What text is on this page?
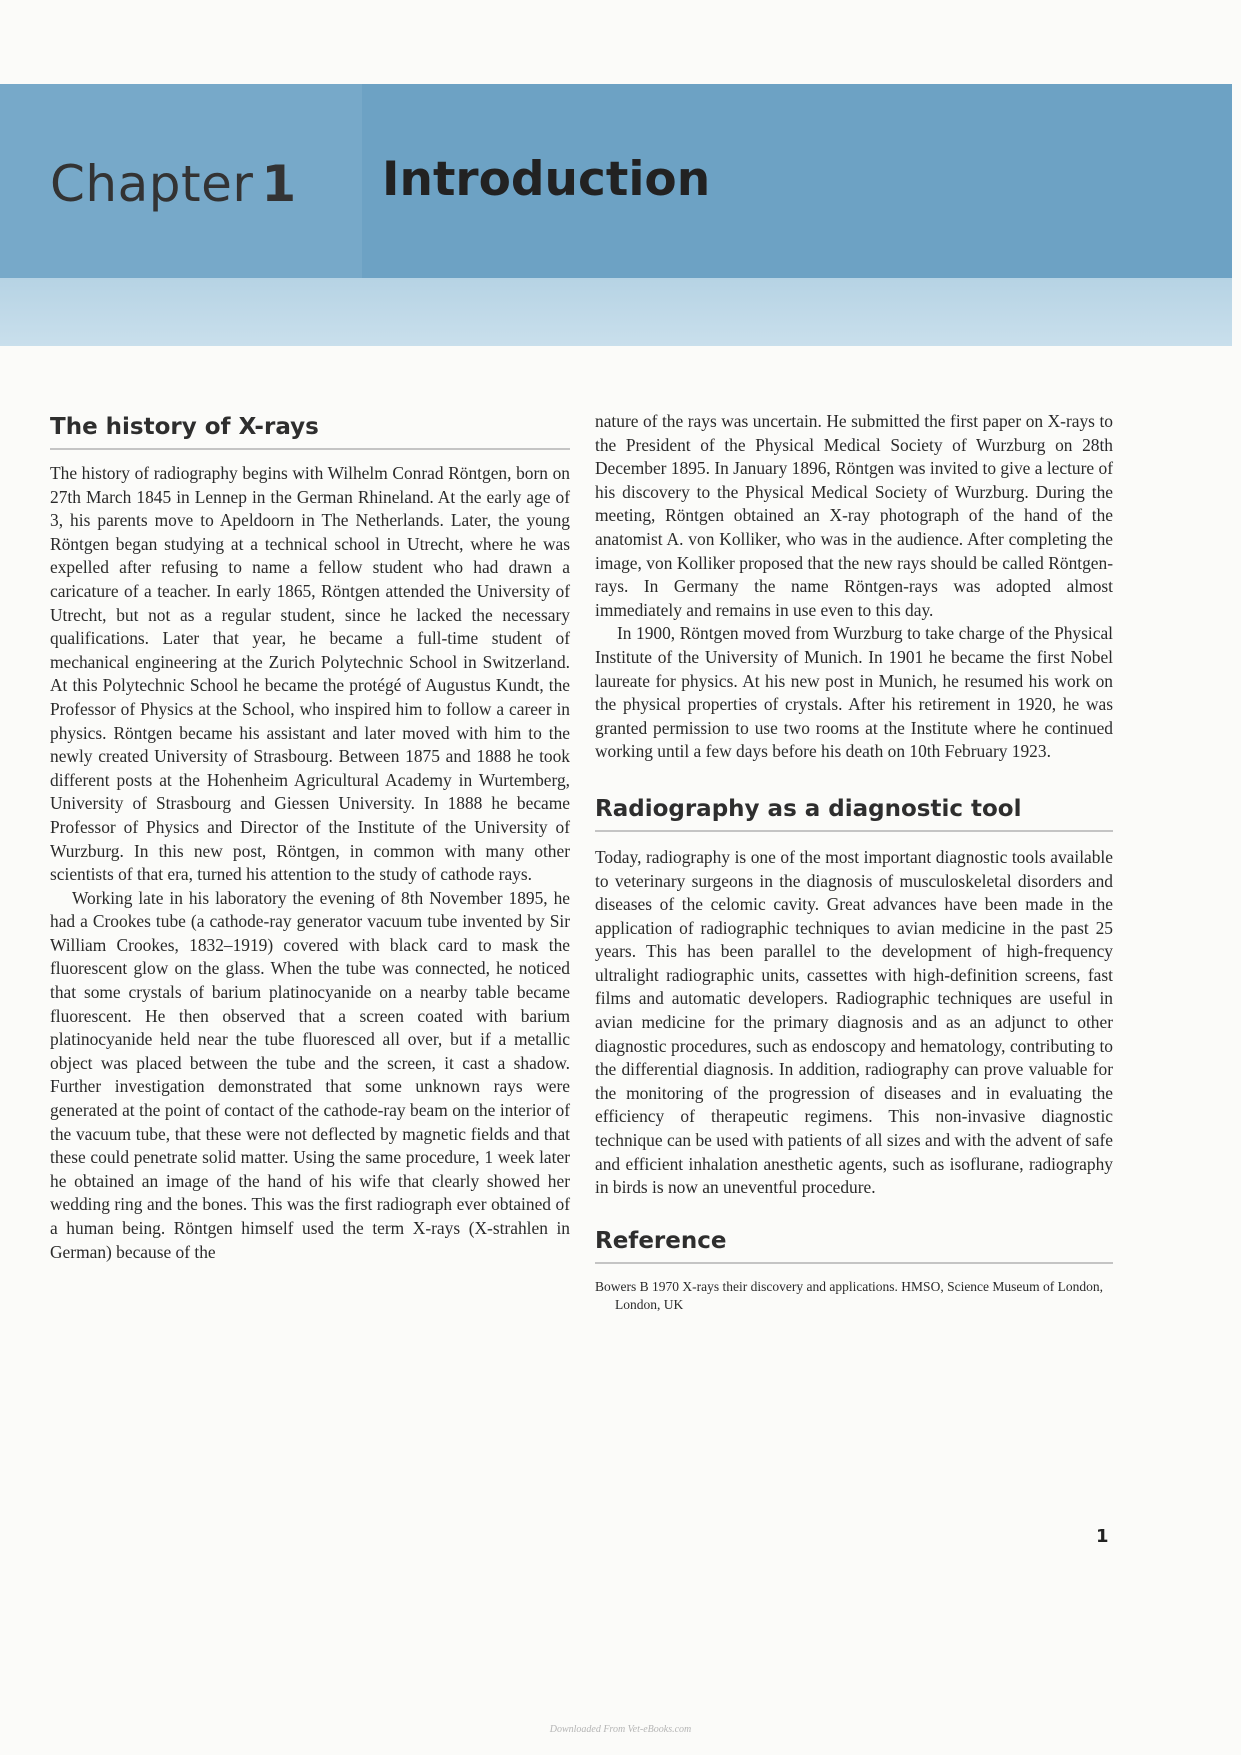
Chapter 1 Introduction
The history of X-rays

The history of radiography begins with Wilhelm Conrad Röntgen, born on 27th March 1845 in Lennep in the German Rhineland. At the early age of 3, his parents move to Apeldoorn in The Netherlands. Later, the young Röntgen began studying at a technical school in Utrecht, where he was expelled after refusing to name a fellow student who had drawn a caricature of a teacher. In early 1865, Röntgen attended the University of Utrecht, but not as a regular student, since he lacked the necessary qualifications. Later that year, he became a full-time student of mechanical engineering at the Zurich Polytechnic School in Switzerland. At this Polytechnic School he became the protégé of Augustus Kundt, the Professor of Physics at the School, who inspired him to follow a career in physics. Röntgen became his assistant and later moved with him to the newly created University of Strasbourg. Between 1875 and 1888 he took different posts at the Hohenheim Agricultural Academy in Wurtemberg, University of Strasbourg and Giessen University. In 1888 he became Professor of Physics and Director of the Institute of the University of Wurzburg. In this new post, Röntgen, in common with many other scientists of that era, turned his attention to the study of cathode rays.

Working late in his laboratory the evening of 8th November 1895, he had a Crookes tube (a cathode-ray generator vacuum tube invented by Sir William Crookes, 1832–1919) covered with black card to mask the fluorescent glow on the glass. When the tube was connected, he noticed that some crystals of barium platinocyanide on a nearby table became fluorescent. He then observed that a screen coated with barium platinocyanide held near the tube fluoresced all over, but if a metallic object was placed between the tube and the screen, it cast a shadow. Further investigation demonstrated that some unknown rays were generated at the point of contact of the cathode-ray beam on the interior of the vacuum tube, that these were not deflected by magnetic fields and that these could penetrate solid matter. Using the same procedure, 1 week later he obtained an image of the hand of his wife that clearly showed her wedding ring and the bones. This was the first radiograph ever obtained of a human being. Röntgen himself used the term X-rays (X-strahlen in German) because of the

nature of the rays was uncertain. He submitted the first paper on X-rays to the President of the Physical Medical Society of Wurzburg on 28th December 1895. In January 1896, Röntgen was invited to give a lecture of his discovery to the Physical Medical Society of Wurzburg. During the meeting, Röntgen obtained an X-ray photograph of the hand of the anatomist A. von Kolliker, who was in the audience. After completing the image, von Kolliker proposed that the new rays should be called Röntgen-rays. In Germany the name Röntgen-rays was adopted almost immediately and remains in use even to this day.

In 1900, Röntgen moved from Wurzburg to take charge of the Physical Institute of the University of Munich. In 1901 he became the first Nobel laureate for physics. At his new post in Munich, he resumed his work on the physical properties of crystals. After his retirement in 1920, he was granted permission to use two rooms at the Institute where he continued working until a few days before his death on 10th February 1923.

Radiography as a diagnostic tool

Today, radiography is one of the most important diagnostic tools available to veterinary surgeons in the diagnosis of musculoskeletal disorders and diseases of the celomic cavity. Great advances have been made in the application of radiographic techniques to avian medicine in the past 25 years. This has been parallel to the development of high-frequency ultralight radiographic units, cassettes with high-definition screens, fast films and automatic developers. Radiographic techniques are useful in avian medicine for the primary diagnosis and as an adjunct to other diagnostic procedures, such as endoscopy and hematology, contributing to the differential diagnosis. In addition, radiography can prove valuable for the monitoring of the progression of diseases and in evaluating the efficiency of therapeutic regimens. This non-invasive diagnostic technique can be used with patients of all sizes and with the advent of safe and efficient inhalation anesthetic agents, such as isoflurane, radiography in birds is now an uneventful procedure.

Reference

Bowers B 1970 X-rays their discovery and applications. HMSO, Science Museum of London, London, UK

1
Downloaded From Vet-eBooks.com
